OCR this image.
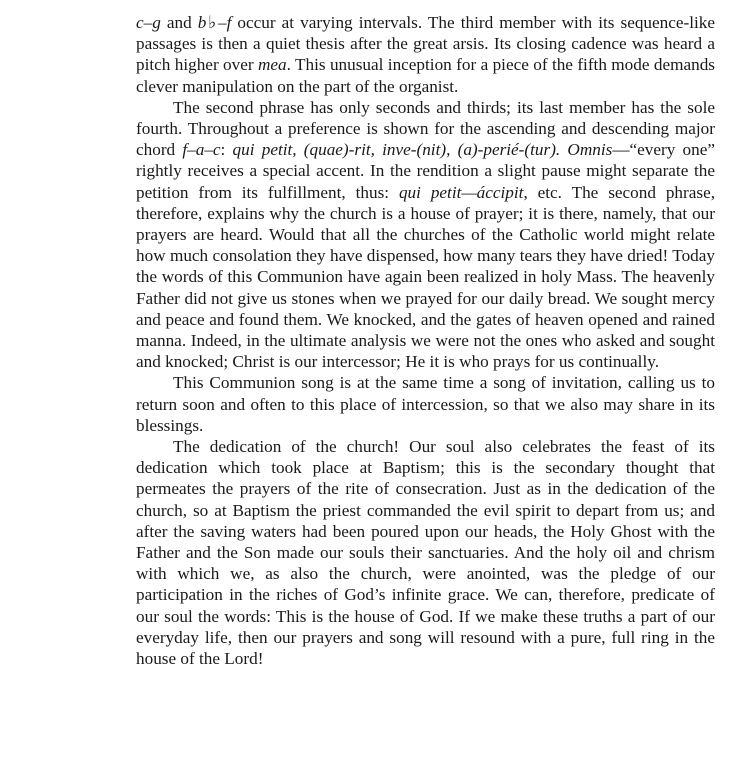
c–g and b♭–f occur at varying intervals. The third member with its sequence-like passages is then a quiet thesis after the great arsis. Its closing cadence was heard a pitch higher over mea. This unusual inception for a piece of the fifth mode demands clever manipulation on the part of the organist.

The second phrase has only seconds and thirds; its last member has the sole fourth. Throughout a preference is shown for the ascending and descending major chord f–a–c: qui petit, (quae)-rit, inve-(nit), (a)-perié-(tur). Omnis—“every one” rightly receives a special accent. In the rendition a slight pause might separate the petition from its fulfillment, thus: qui petit—áccipit, etc. The second phrase, therefore, explains why the church is a house of prayer; it is there, namely, that our prayers are heard. Would that all the churches of the Catholic world might relate how much consolation they have dispensed, how many tears they have dried! Today the words of this Communion have again been realized in holy Mass. The heavenly Father did not give us stones when we prayed for our daily bread. We sought mercy and peace and found them. We knocked, and the gates of heaven opened and rained manna. Indeed, in the ultimate analysis we were not the ones who asked and sought and knocked; Christ is our intercessor; He it is who prays for us continually.

This Communion song is at the same time a song of invitation, calling us to return soon and often to this place of intercession, so that we also may share in its blessings.

The dedication of the church! Our soul also celebrates the feast of its dedication which took place at Baptism; this is the secondary thought that permeates the prayers of the rite of consecration. Just as in the dedication of the church, so at Baptism the priest commanded the evil spirit to depart from us; and after the saving waters had been poured upon our heads, the Holy Ghost with the Father and the Son made our souls their sanctuaries. And the holy oil and chrism with which we, as also the church, were anointed, was the pledge of our participation in the riches of God’s infinite grace. We can, therefore, predicate of our soul the words: This is the house of God. If we make these truths a part of our everyday life, then our prayers and song will resound with a pure, full ring in the house of the Lord!
